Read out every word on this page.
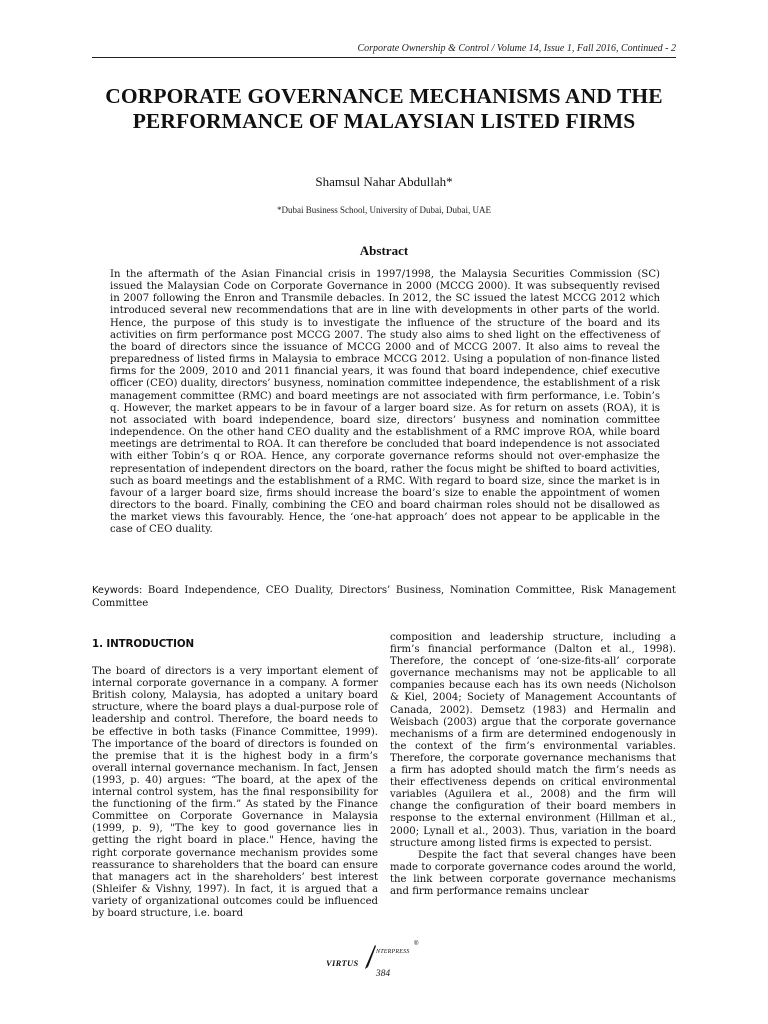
Corporate Ownership & Control / Volume 14, Issue 1, Fall 2016, Continued - 2
CORPORATE GOVERNANCE MECHANISMS AND THE PERFORMANCE OF MALAYSIAN LISTED FIRMS
Shamsul Nahar Abdullah*
*Dubai Business School, University of Dubai, Dubai, UAE
Abstract

In the aftermath of the Asian Financial crisis in 1997/1998, the Malaysia Securities Commission (SC) issued the Malaysian Code on Corporate Governance in 2000 (MCCG 2000). It was subsequently revised in 2007 following the Enron and Transmile debacles. In 2012, the SC issued the latest MCCG 2012 which introduced several new recommendations that are in line with developments in other parts of the world. Hence, the purpose of this study is to investigate the influence of the structure of the board and its activities on firm performance post MCCG 2007. The study also aims to shed light on the effectiveness of the board of directors since the issuance of MCCG 2000 and of MCCG 2007. It also aims to reveal the preparedness of listed firms in Malaysia to embrace MCCG 2012. Using a population of non-finance listed firms for the 2009, 2010 and 2011 financial years, it was found that board independence, chief executive officer (CEO) duality, directors’ busyness, nomination committee independence, the establishment of a risk management committee (RMC) and board meetings are not associated with firm performance, i.e. Tobin’s q. However, the market appears to be in favour of a larger board size. As for return on assets (ROA), it is not associated with board independence, board size, directors’ busyness and nomination committee independence. On the other hand CEO duality and the establishment of a RMC improve ROA, while board meetings are detrimental to ROA. It can therefore be concluded that board independence is not associated with either Tobin’s q or ROA. Hence, any corporate governance reforms should not over-emphasize the representation of independent directors on the board, rather the focus might be shifted to board activities, such as board meetings and the establishment of a RMC. With regard to board size, since the market is in favour of a larger board size, firms should increase the board’s size to enable the appointment of women directors to the board. Finally, combining the CEO and board chairman roles should not be disallowed as the market views this favourably. Hence, the ‘one-hat approach’ does not appear to be applicable in the case of CEO duality.

Keywords: Board Independence, CEO Duality, Directors’ Business, Nomination Committee, Risk Management Committee

1. INTRODUCTION

The board of directors is a very important element of internal corporate governance in a company. A former British colony, Malaysia, has adopted a unitary board structure, where the board plays a dual-purpose role of leadership and control. Therefore, the board needs to be effective in both tasks (Finance Committee, 1999). The importance of the board of directors is founded on the premise that it is the highest body in a firm’s overall internal governance mechanism. In fact, Jensen (1993, p. 40) argues: “The board, at the apex of the internal control system, has the final responsibility for the functioning of the firm.” As stated by the Finance Committee on Corporate Governance in Malaysia (1999, p. 9), "The key to good governance lies in getting the right board in place." Hence, having the right corporate governance mechanism provides some reassurance to shareholders that the board can ensure that managers act in the shareholders’ best interest (Shleifer & Vishny, 1997). In fact, it is argued that a variety of organizational outcomes could be influenced by board structure, i.e. board

composition and leadership structure, including a firm’s financial performance (Dalton et al., 1998). Therefore, the concept of ‘one-size-fits-all’ corporate governance mechanisms may not be applicable to all companies because each has its own needs (Nicholson & Kiel, 2004; Society of Management Accountants of Canada, 2002). Demsetz (1983) and Hermalin and Weisbach (2003) argue that the corporate governance mechanisms of a firm are determined endogenously in the context of the firm’s environmental variables. Therefore, the corporate governance mechanisms that a firm has adopted should match the firm’s needs as their effectiveness depends on critical environmental variables (Aguilera et al., 2008) and the firm will change the configuration of their board members in response to the external environment (Hillman et al., 2000; Lynall et al., 2003). Thus, variation in the board structure among listed firms is expected to persist.

Despite the fact that several changes have been made to corporate governance codes around the world, the link between corporate governance mechanisms and firm performance remains unclear

VIRTUS
NTERPRESS
®
384
